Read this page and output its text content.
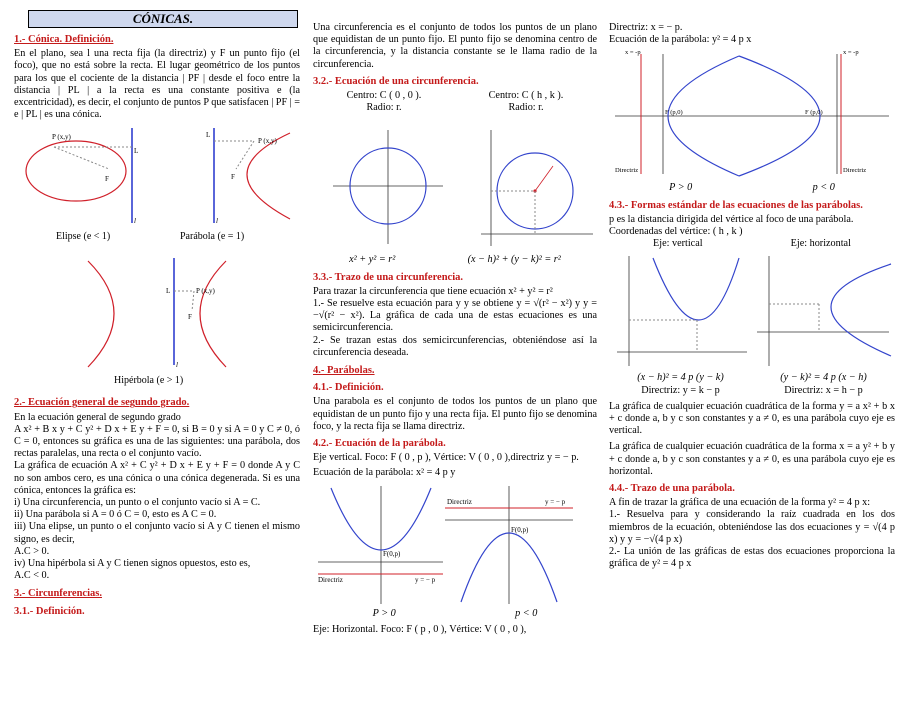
CÓNICAS.
1.- Cónica. Definición.

En el plano, sea l una recta fija (la directriz) y F un punto fijo (el foco), que no está sobre la recta. El lugar geométrico de los puntos para los que el cociente de la distancia | PF | desde el foco entre la distancia | PL | a la recta es una constante positiva e (la excentricidad), es decir, el conjunto de puntos P que satisfacen | PF | = e | PL | es una cónica.

P (x,y)
L
F
l
P (x,y)
L
F
l
Elipse (e < 1)	Parábola (e = 1)
P (x,y)
L
F
l
Hipérbola (e > 1)
2.- Ecuación general de segundo grado.

En la ecuación general de segundo grado

A x² + B x y + C y² + D x + E y + F = 0, si B = 0 y si A = 0 y C ≠ 0, ó C = 0, entonces su gráfica es una de las siguientes: una parábola, dos rectas paralelas, una recta o el conjunto vacío.

La gráfica de ecuación A x² + C y² + D x + E y + F = 0 donde A y C no son ambos cero, es una cónica o una cónica degenerada. Si es una cónica, entonces la gráfica es:

i) Una circunferencia, un punto o el conjunto vacío si A = C.

ii) Una parábola si A = 0 ó C = 0, esto es A C = 0.

iii) Una elipse, un punto o el conjunto vacío si A y C tienen el mismo signo, es decir,

A.C > 0.

iv) Una hipérbola si A y C tienen signos opuestos, esto es,

A.C < 0.

3.- Circunferencias.
3.1.- Definición.

Una circunferencia es el conjunto de todos los puntos de un plano que equidistan de un punto fijo. El punto fijo se denomina centro de la circunferencia, y la distancia constante se le llama radio de la circunferencia.

3.2.- Ecuación de una circunferencia.
Centro: C ( 0 , 0 ).	Centro: C ( h , k ).
Radio: r.	Radio: r.
x² + y² = r²	(x − h)² + (y − k)² = r²
3.3.- Trazo de una circunferencia.

Para trazar la circunferencia que tiene ecuación x² + y² = r²

1.- Se resuelve esta ecuación para y y se obtiene y = √(r² − x²) y y = −√(r² − x²). La gráfica de cada una de estas ecuaciones es una semicircunferencia.

2.- Se trazan estas dos semicircunferencias, obteniéndose así la circunferencia deseada.

4.- Parábolas.
4.1.- Definición.

Una parabola es el conjunto de todos los puntos de un plano que equidistan de un punto fijo y una recta fija. El punto fijo se denomina foco, y la recta fija se llama directriz.

4.2.- Ecuación de la parábola.

Eje vertical. Foco: F ( 0 , p ), Vértice: V ( 0 , 0 ),directriz y = − p.

Ecuación de la parábola: x² = 4 p y

Directriz	y = − p
F(0,p)
Directriz	y = − p
F(0,p)
P > 0	p < 0

Eje: Horizontal. Foco: F ( p , 0 ), Vértice: V ( 0 , 0 ),

Directriz: x = − p.

Ecuación de la parábola: y² = 4 p x

x = -p	x = -p
F (p,0)	F (p,0)
Directriz	Directriz
P > 0	p < 0
4.3.- Formas estándar de las ecuaciones de las parábolas.

p es la distancia dirigida del vértice al foco de una parábola.

Coordenadas del vértice: ( h , k )

Eje: vertical	Eje: horizontal
(x − h)² = 4 p (y − k)	(y − k)² = 4 p (x − h)
Directriz: y = k − p	Directriz: x = h − p

La gráfica de cualquier ecuación cuadrática de la forma y = a x² + b x + c donde a, b y c son constantes y a ≠ 0, es una parábola cuyo eje es vertical.

La gráfica de cualquier ecuación cuadrática de la forma x = a y² + b y + c donde a, b y c son constantes y a ≠ 0, es una parábola cuyo eje es horizontal.

4.4.- Trazo de una parábola.

A fin de trazar la gráfica de una ecuación de la forma y² = 4 p x:

1.- Resuelva para y considerando la raíz cuadrada en los dos miembros de la ecuación, obteniéndose las dos ecuaciones y = √(4 p x) y y = −√(4 p x)

2.- La unión de las gráficas de estas dos ecuaciones proporciona la gráfica de y² = 4 p x
